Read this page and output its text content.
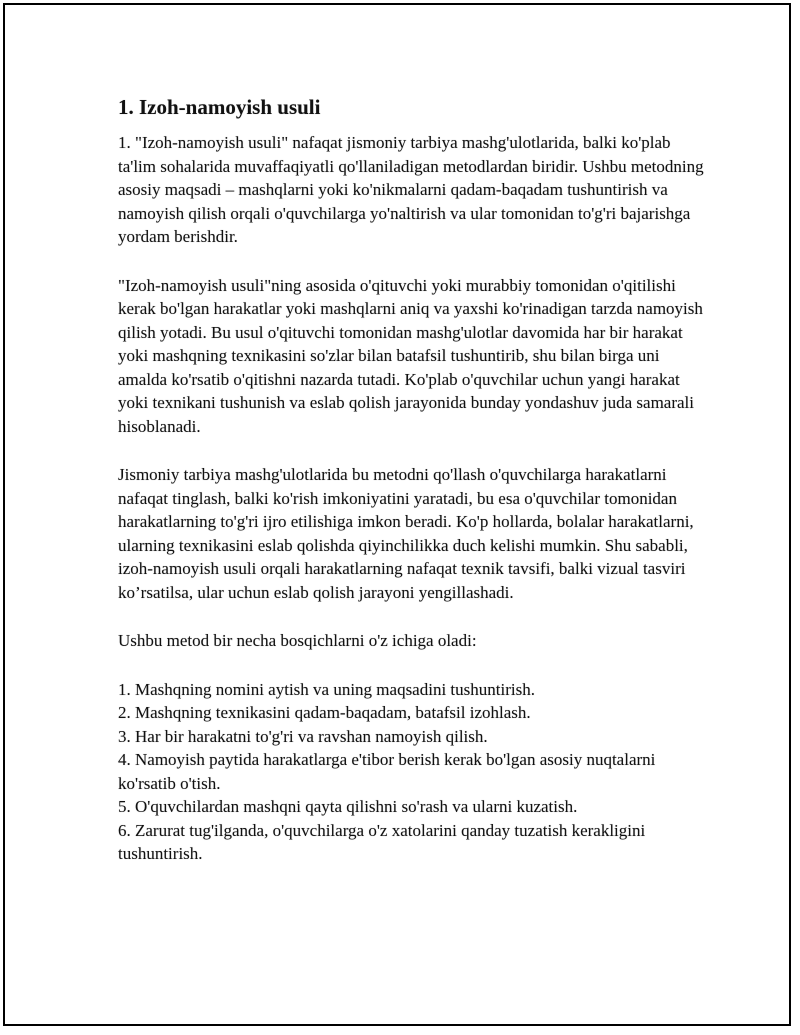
1. Izoh-namoyish usuli

1. "Izoh-namoyish usuli" nafaqat jismoniy tarbiya mashg'ulotlarida, balki ko'plab ta'lim sohalarida muvaffaqiyatli qo'llaniladigan metodlardan biridir. Ushbu metodning asosiy maqsadi – mashqlarni yoki ko'nikmalarni qadam-baqadam tushuntirish va namoyish qilish orqali o'quvchilarga yo'naltirish va ular tomonidan to'g'ri bajarishga yordam berishdir.

"Izoh-namoyish usuli"ning asosida o'qituvchi yoki murabbiy tomonidan o'qitilishi kerak bo'lgan harakatlar yoki mashqlarni aniq va yaxshi ko'rinadigan tarzda namoyish qilish yotadi. Bu usul o'qituvchi tomonidan mashg'ulotlar davomida har bir harakat yoki mashqning texnikasini so'zlar bilan batafsil tushuntirib, shu bilan birga uni amalda ko'rsatib o'qitishni nazarda tutadi. Ko'plab o'quvchilar uchun yangi harakat yoki texnikani tushunish va eslab qolish jarayonida bunday yondashuv juda samarali hisoblanadi.

Jismoniy tarbiya mashg'ulotlarida bu metodni qo'llash o'quvchilarga harakatlarni nafaqat tinglash, balki ko'rish imkoniyatini yaratadi, bu esa o'quvchilar tomonidan harakatlarning to'g'ri ijro etilishiga imkon beradi. Ko'p hollarda, bolalar harakatlarni, ularning texnikasini eslab qolishda qiyinchilikka duch kelishi mumkin. Shu sababli, izoh-namoyish usuli orqali harakatlarning nafaqat texnik tavsifi, balki vizual tasviri ko’rsatilsa, ular uchun eslab qolish jarayoni yengillashadi.

Ushbu metod bir necha bosqichlarni o'z ichiga oladi:

1. Mashqning nomini aytish va uning maqsadini tushuntirish.
2. Mashqning texnikasini qadam-baqadam, batafsil izohlash.
3. Har bir harakatni to'g'ri va ravshan namoyish qilish.
4. Namoyish paytida harakatlarga e'tibor berish kerak bo'lgan asosiy nuqtalarni ko'rsatib o'tish.
5. O'quvchilardan mashqni qayta qilishni so'rash va ularni kuzatish.
6. Zarurat tug'ilganda, o'quvchilarga o'z xatolarini qanday tuzatish kerakligini tushuntirish.
